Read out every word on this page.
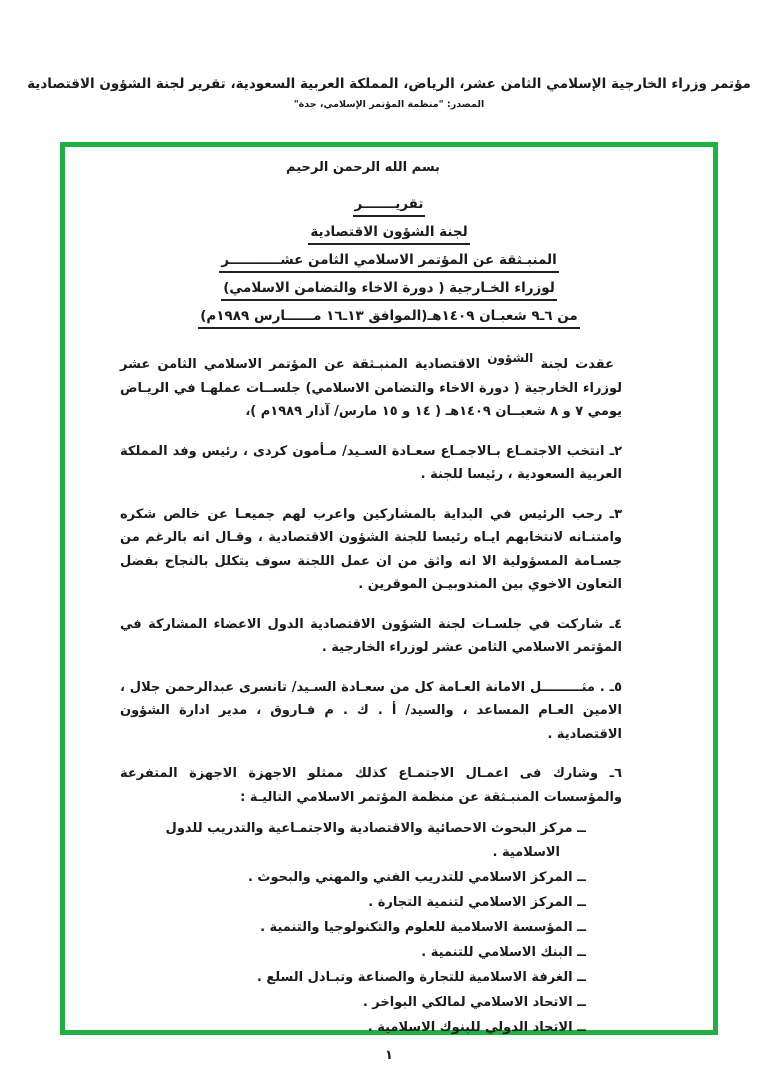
مؤتمر وزراء الخارجية الإسلامي الثامن عشر، الرياض، المملكة العربية السعودية، تقرير لجنة الشؤون الاقتصادية
المصدر: "منظمة المؤتمر الإسلامي، جدة"
بسم الله الرحمن الرحيم
تقريـــــــر
لجنة الشؤون الاقتصادية
المنبـثقة عن المؤتمر الاسلامي الثامن عشـــــــــــر
لوزراء الخـارجية ( دورة الاخاء والتضامن الاسلامي)
من ٦ـ٩ شعبـان ١٤٠٩هـ(الموافق ١٣ـ١٦ مــــــارس ١٩٨٩م)

عقدت لجنة الشؤون الاقتصادية المنبـثقة عن المؤتمر الاسلامي الثامن عشر لوزراء الخارجية ( دورة الاخاء والتضامن الاسلامي) جلســات عملهـا في الريـاض يومي ٧ و ٨ شعبــان ١٤٠٩هـ ( ١٤ و ١٥ مارس/ آذار ١٩٨٩م )،

٢ـ انتخب الاجتمـاع بـالاجمـاع سعـادة السـيد/ مـأمون كردى ، رئيس وفد المملكة العربية السعودية ، رئيسا للجنة .

٣ـ رحب الرئيس في البداية بالمشاركين واعرب لهم جميعـا عن خالص شكره وامتنـانه لانتخابهم ايـاه رئيسا للجنة الشؤون الاقتصادية ، وقـال انه بالرغم من جسـامة المسؤولية الا انه واثق من ان عمل اللجنة سوف يتكلل بالنجاح بفضل التعاون الاخوي بين المندوبيـن الموقرين .

٤ـ شاركت في جلسـات لجنة الشؤون الاقتصادية الدول الاعضاء المشاركة في المؤتمر الاسلامي الثامن عشر لوزراء الخارجية .

٥ـ . مثـــــــــل الامانة العـامة كل من سعـادة السـيد/ تانسرى عبدالرحمن جلال ، الامين العـام المساعد ، والسيد/ أ . ك . م فـاروق ، مدير ادارة الشؤون الاقتصادية .

٦ـ وشارك فى اعمـال الاجتمـاع كذلك ممثلو الاجهزة الاجهزة المتفرعة والمؤسسات المنبـثقة عن منظمة المؤتمر الاسلامي التاليـة :

ــ مركز البحوث الاحصائية والاقتصادية والاجتمـاعية والتدريب للدول الاسلامية .
ــ المركز الاسلامي للتدريب الفني والمهني والبحوث .
ــ المركز الاسلامي لتنمية التجارة .
ــ المؤسسة الاسلامية للعلوم والتكنولوجيا والتنمية .
ــ البنك الاسلامي للتنمية .
ــ الغرفة الاسلامية للتجارة والصناعة وتبـادل السلع .
ــ الاتحاد الاسلامي لمالكي البواخر .
ــ الاتحاد الدولي للبنوك الاسلامية .
١
